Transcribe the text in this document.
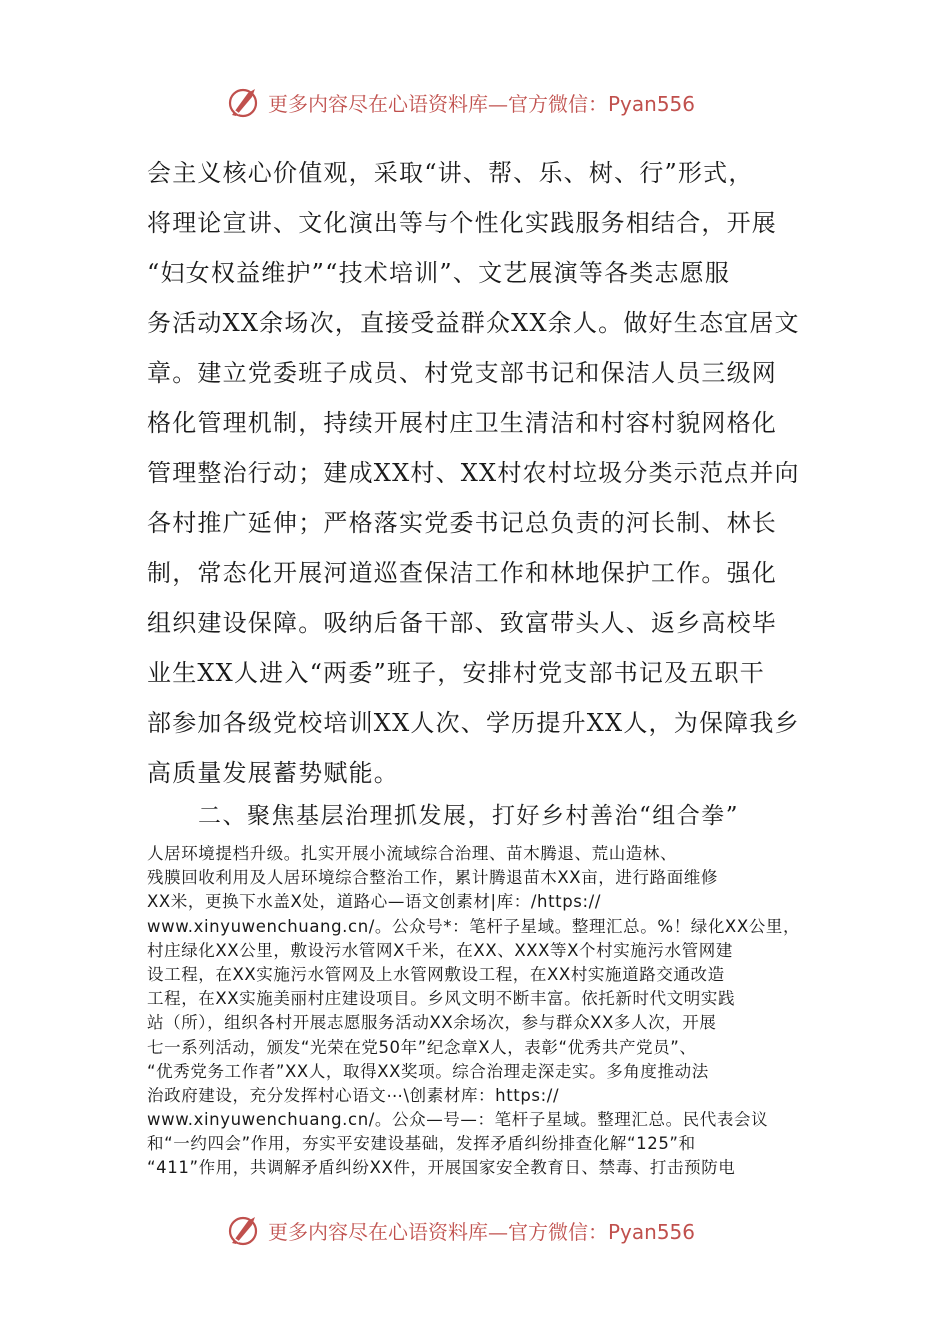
更多内容尽在心语资料库—官方微信：Pyan556
会主义核心价值观，采取“讲、帮、乐、树、行”形式，
将理论宣讲、文化演出等与个性化实践服务相结合，开展
“妇女权益维护”“技术培训”、文艺展演等各类志愿服
务活动XX余场次，直接受益群众XX余人。做好生态宜居文
章。建立党委班子成员、村党支部书记和保洁人员三级网
格化管理机制，持续开展村庄卫生清洁和村容村貌网格化
管理整治行动；建成XX村、XX村农村垃圾分类示范点并向
各村推广延伸；严格落实党委书记总负责的河长制、林长
制，常态化开展河道巡查保洁工作和林地保护工作。强化
组织建设保障。吸纳后备干部、致富带头人、返乡高校毕
业生XX人进入“两委”班子，安排村党支部书记及五职干
部参加各级党校培训XX人次、学历提升XX人，为保障我乡
高质量发展蓄势赋能。
二、聚焦基层治理抓发展，打好乡村善治“组合拳”
人居环境提档升级。扎实开展小流域综合治理、苗木腾退、荒山造林、
残膜回收利用及人居环境综合整治工作，累计腾退苗木XX亩，进行路面维修
XX米，更换下水盖X处，道路心—语文创素材|库：/https://
www.xinyuwenchuang.cn/。公众号*：笔杆子星域。整理汇总。%！绿化XX公里，
村庄绿化XX公里，敷设污水管网X千米，在XX、XXX等X个村实施污水管网建
设工程，在XX实施污水管网及上水管网敷设工程，在XX村实施道路交通改造
工程，在XX实施美丽村庄建设项目。乡风文明不断丰富。依托新时代文明实践
站（所），组织各村开展志愿服务活动XX余场次，参与群众XX多人次，开展
七一系列活动，颁发“光荣在党50年”纪念章X人，表彰“优秀共产党员”、
“优秀党务工作者”XX人，取得XX奖项。综合治理走深走实。多角度推动法
治政府建设，充分发挥村心语文⋯\创素材库：https://
www.xinyuwenchuang.cn/。公众—号—：笔杆子星域。整理汇总。民代表会议
和“一约四会”作用，夯实平安建设基础，发挥矛盾纠纷排查化解“125”和
“411”作用，共调解矛盾纠纷XX件，开展国家安全教育日、禁毒、打击预防电
更多内容尽在心语资料库—官方微信：Pyan556
